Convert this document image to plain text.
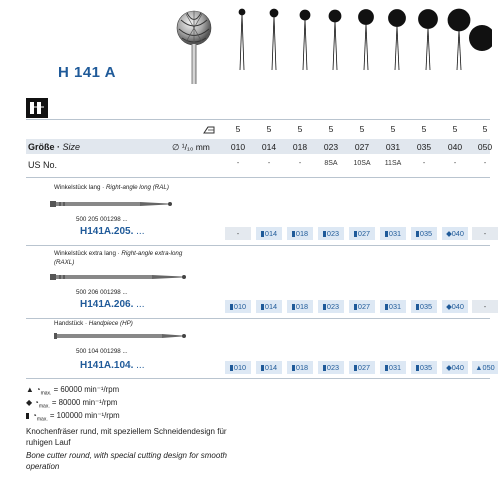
H 141 A
5	5	5	5	5	5	5	5	5
Größe · Size	∅ ¹/₁₀ mm	010	014	018	023	027	031	035	040	050
US No.	-	-	-	8SA	10SA	11SA	-	-	-
Winkelstück lang · Right-angle long (RAL)
500 205 001298 ...
H141A.205. ...	-	014	018	023	027	031	035	◆040	-
Winkelstück extra lang · Right-angle extra-long
(RAXL)
500 206 001298 ...
H141A.206. ...	010	014	018	023	027	031	035	◆040	-
Handstück · Handpiece (HP)
500 104 001298 ...
H141A.104. ...	010	014	018	023	027	031	035	◆040	▲050
▲ $◔_{max.} = 60000$ min⁻¹/rpm
◆ $◔_{max.} = 80000$ min⁻¹/rpm
$◔_{max.} = 100000$ min⁻¹/rpm
Knochenfräser rund, mit speziellem Schneidendesign für
ruhigen Lauf
Bone cutter round, with special cutting design for smooth
operation
